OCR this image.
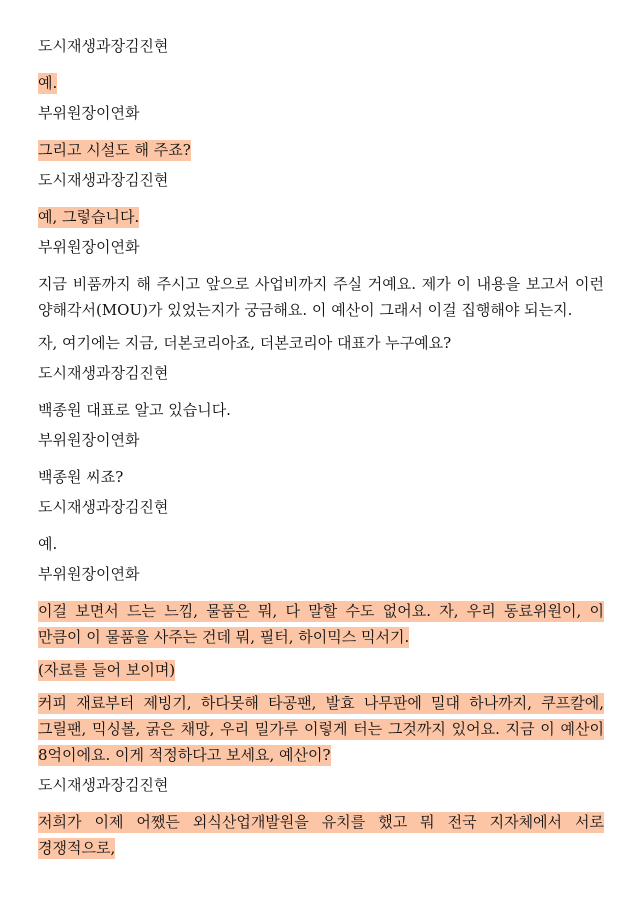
도시재생과장김진현
예.
부위원장이연화
그리고 시설도 해 주죠?
도시재생과장김진현
예, 그렇습니다.
부위원장이연화
지금 비품까지 해 주시고 앞으로 사업비까지 주실 거예요. 제가 이 내용을 보고서 이런 양해각서(MOU)가 있었는지가 궁금해요. 이 예산이 그래서 이걸 집행해야 되는지.
자, 여기에는 지금, 더본코리아죠, 더본코리아 대표가 누구예요?
도시재생과장김진현
백종원 대표로 알고 있습니다.
부위원장이연화
백종원 씨죠?
도시재생과장김진현
예.
부위원장이연화
이걸 보면서 드는 느낌, 물품은 뭐, 다 말할 수도 없어요. 자, 우리 동료위원이, 이 만큼이 이 물품을 사주는 건데 뭐, 필터, 하이믹스 믹서기.
(자료를 들어 보이며)
커피 재료부터 제빙기, 하다못해 타공팬, 발효 나무판에 밀대 하나까지, 쿠프칼에, 그릴팬, 믹싱볼, 굵은 채망, 우리 밀가루 이렇게 터는 그것까지 있어요. 지금 이 예산이 8억이에요. 이게 적정하다고 보세요, 예산이?
도시재생과장김진현
저희가 이제 어쨌든 외식산업개발원을 유치를 했고 뭐 전국 지자체에서 서로 경쟁적으로,
